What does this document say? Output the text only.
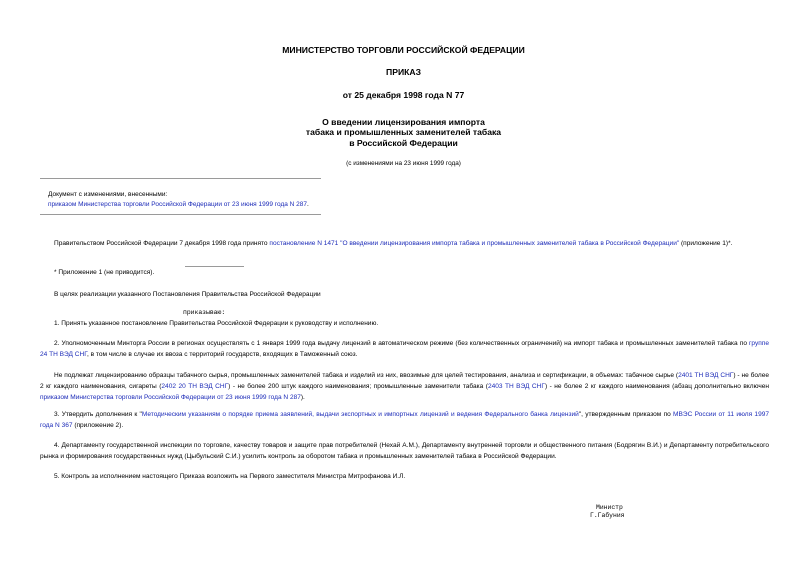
МИНИСТЕРСТВО ТОРГОВЛИ РОССИЙСКОЙ ФЕДЕРАЦИИ
ПРИКАЗ
от 25 декабря 1998 года N 77
О введении лицензирования импорта
табака и промышленных заменителей табака
в Российской Федерации
(с изменениями на 23 июня 1999 года)
Документ с изменениями, внесенными:
приказом Министерства торговли Российской Федерации от 23 июня 1999 года N 287.
Правительством Российской Федерации 7 декабря 1998 года принято постановление N 1471 "О введении лицензирования импорта табака и промышленных заменителей табака в Российской Федерации" (приложение 1)*.
* Приложение 1 (не приводится).
В целях реализации указанного Постановления Правительства Российской Федерации
приказываю:
1. Принять указанное постановление Правительства Российской Федерации к руководству и исполнению.
2. Уполномоченным Минторга России в регионах осуществлять с 1 января 1999 года выдачу лицензий в автоматическом режиме (без количественных ограничений) на импорт табака и промышленных заменителей табака по группе 24 ТН ВЭД СНГ, в том числе в случае их ввоза с территорий государств, входящих в Таможенный союз.
Не подлежат лицензированию образцы табачного сырья, промышленных заменителей табака и изделий из них, ввозимые для целей тестирования, анализа и сертификации, в объемах: табачное сырье (2401 ТН ВЭД СНГ) - не более 2 кг каждого наименования, сигареты (2402 20 ТН ВЭД СНГ) - не более 200 штук каждого наименования; промышленные заменители табака (2403 ТН ВЭД СНГ) - не более 2 кг каждого наименования (абзац дополнительно включен приказом Министерства торговли Российской Федерации от 23 июня 1999 года N 287).
3. Утвердить дополнения к "Методическим указаниям о порядке приема заявлений, выдачи экспортных и импортных лицензий и ведения Федерального банка лицензий", утвержденным приказом по МВЭС России от 11 июля 1997 года N 367 (приложение 2).
4. Департаменту государственной инспекции по торговле, качеству товаров и защите прав потребителей (Нехай А.М.), Департаменту внутренней торговли и общественного питания (Бодрягин В.И.) и Департаменту потребительского рынка и формирования государственных нужд (Цыбульский С.И.) усилить контроль за оборотом табака и промышленных заменителей табака в Российской Федерации.
5. Контроль за исполнением настоящего Приказа возложить на Первого заместителя Министра Митрофанова И.Л.
Министр
Г.Габуния
